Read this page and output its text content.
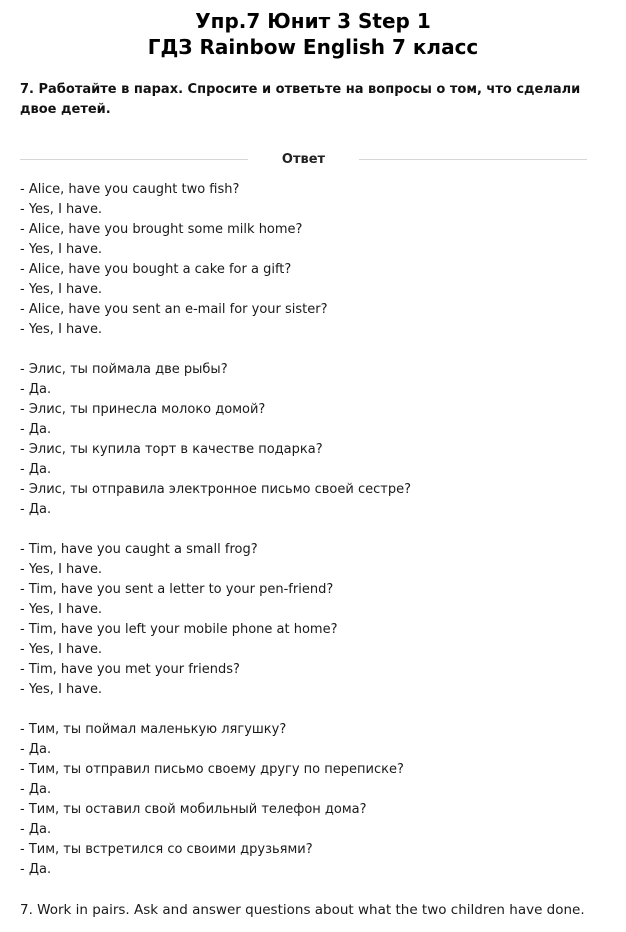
Упр.7 Юнит 3 Step 1
ГДЗ Rainbow English 7 класс
7. Работайте в парах. Спросите и ответьте на вопросы о том, что сделали двое детей.
Ответ
- Alice, have you caught two fish?
- Yes, I have.
- Alice, have you brought some milk home?
- Yes, I have.
- Alice, have you bought a cake for a gift?
- Yes, I have.
- Alice, have you sent an e-mail for your sister?
- Yes, I have.
- Элис, ты поймала две рыбы?
- Да.
- Элис, ты принесла молоко домой?
- Да.
- Элис, ты купила торт в качестве подарка?
- Да.
- Элис, ты отправила электронное письмо своей сестре?
- Да.
- Tim, have you caught a small frog?
- Yes, I have.
- Tim, have you sent a letter to your pen-friend?
- Yes, I have.
- Tim, have you left your mobile phone at home?
- Yes, I have.
- Tim, have you met your friends?
- Yes, I have.
- Тим, ты поймал маленькую лягушку?
- Да.
- Тим, ты отправил письмо своему другу по переписке?
- Да.
- Тим, ты оставил свой мобильный телефон дома?
- Да.
- Тим, ты встретился со своими друзьями?
- Да.
7. Work in pairs. Ask and answer questions about what the two children have done.
